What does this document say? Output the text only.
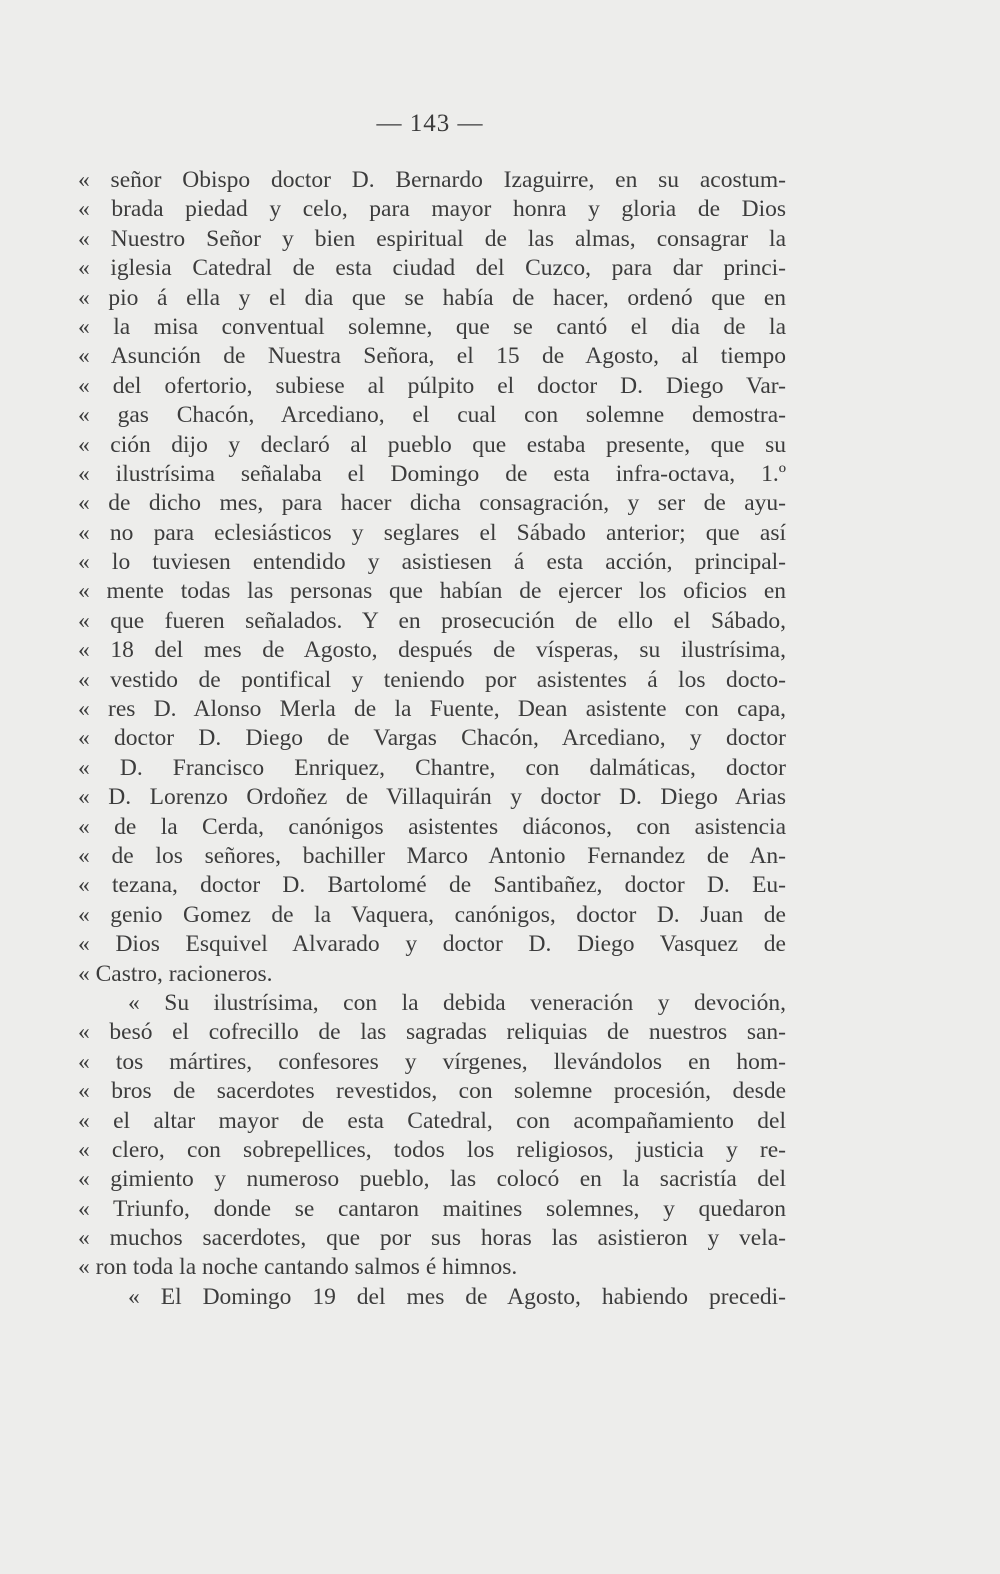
— 143 —
« señor Obispo doctor D. Bernardo Izaguirre, en su acostum-
« brada piedad y celo, para mayor honra y gloria de Dios
« Nuestro Señor y bien espiritual de las almas, consagrar la
« iglesia Catedral de esta ciudad del Cuzco, para dar princi-
« pio á ella y el dia que se había de hacer, ordenó que en
« la misa conventual solemne, que se cantó el dia de la
« Asunción de Nuestra Señora, el 15 de Agosto, al tiempo
« del ofertorio, subiese al púlpito el doctor D. Diego Var-
« gas Chacón, Arcediano, el cual con solemne demostra-
« ción dijo y declaró al pueblo que estaba presente, que su
« ilustrísima señalaba el Domingo de esta infra-octava, 1.º
« de dicho mes, para hacer dicha consagración, y ser de ayu-
« no para eclesiásticos y seglares el Sábado anterior; que así
« lo tuviesen entendido y asistiesen á esta acción, principal-
« mente todas las personas que habían de ejercer los oficios en
« que fueren señalados. Y en prosecución de ello el Sábado,
« 18 del mes de Agosto, después de vísperas, su ilustrísima,
« vestido de pontifical y teniendo por asistentes á los docto-
« res D. Alonso Merla de la Fuente, Dean asistente con capa,
« doctor D. Diego de Vargas Chacón, Arcediano, y doctor
« D. Francisco Enriquez, Chantre, con dalmáticas, doctor
« D. Lorenzo Ordoñez de Villaquirán y doctor D. Diego Arias
« de la Cerda, canónigos asistentes diáconos, con asistencia
« de los señores, bachiller Marco Antonio Fernandez de An-
« tezana, doctor D. Bartolomé de Santibañez, doctor D. Eu-
« genio Gomez de la Vaquera, canónigos, doctor D. Juan de
« Dios Esquivel Alvarado y doctor D. Diego Vasquez de
« Castro, racioneros.
« Su ilustrísima, con la debida veneración y devoción,
« besó el cofrecillo de las sagradas reliquias de nuestros san-
« tos mártires, confesores y vírgenes, llevándolos en hom-
« bros de sacerdotes revestidos, con solemne procesión, desde
« el altar mayor de esta Catedral, con acompañamiento del
« clero, con sobrepellices, todos los religiosos, justicia y re-
« gimiento y numeroso pueblo, las colocó en la sacristía del
« Triunfo, donde se cantaron maitines solemnes, y quedaron
« muchos sacerdotes, que por sus horas las asistieron y vela-
« ron toda la noche cantando salmos é himnos.
« El Domingo 19 del mes de Agosto, habiendo precedi-
